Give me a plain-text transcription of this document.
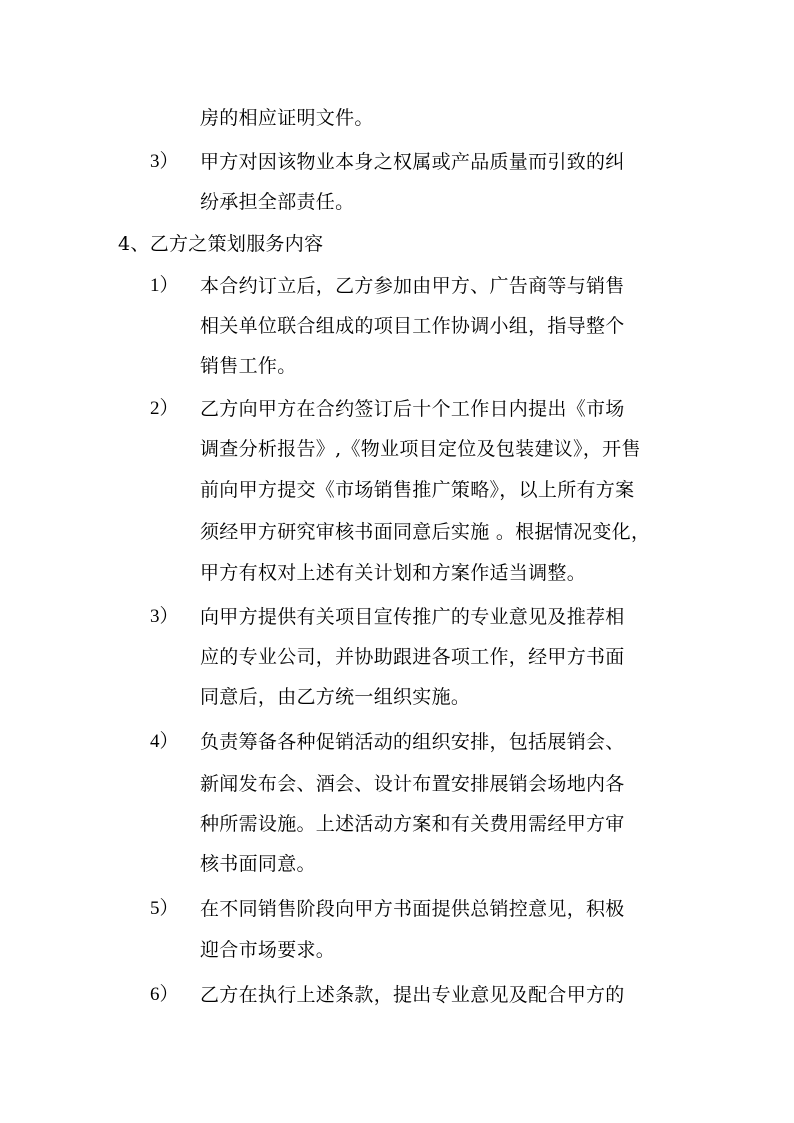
房的相应证明文件。
3） 甲方对因该物业本身之权属或产品质量而引致的纠
纷承担全部责任。
4、乙方之策划服务内容
1） 本合约订立后，乙方参加由甲方、广告商等与销售
相关单位联合组成的项目工作协调小组，指导整个
销售工作。
2） 乙方向甲方在合约签订后十个工作日内提出《市场
调查分析报告》,《物业项目定位及包装建议》，开售
前向甲方提交《市场销售推广策略》，以上所有方案
须经甲方研究审核书面同意后实施 。根据情况变化，
甲方有权对上述有关计划和方案作适当调整。
3） 向甲方提供有关项目宣传推广的专业意见及推荐相
应的专业公司，并协助跟进各项工作，经甲方书面
同意后，由乙方统一组织实施。
4） 负责筹备各种促销活动的组织安排，包括展销会、
新闻发布会、酒会、设计布置安排展销会场地内各
种所需设施。上述活动方案和有关费用需经甲方审
核书面同意。
5） 在不同销售阶段向甲方书面提供总销控意见，积极
迎合市场要求。
6） 乙方在执行上述条款，提出专业意见及配合甲方的
